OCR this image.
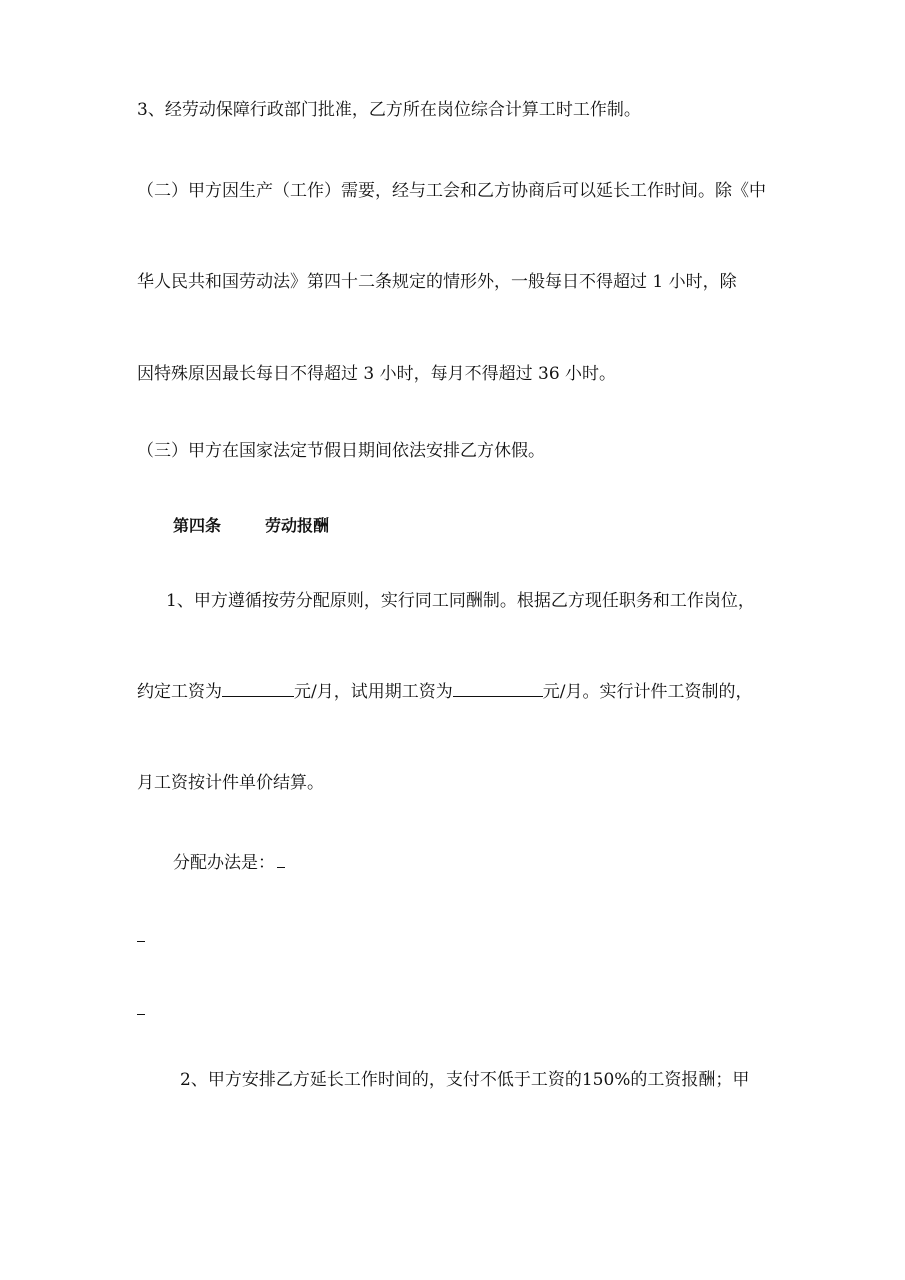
3、经劳动保障行政部门批准，乙方所在岗位综合计算工时工作制。
（二）甲方因生产（工作）需要，经与工会和乙方协商后可以延长工作时间。除《中
华人民共和国劳动法》第四十二条规定的情形外，一般每日不得超过 1 小时，除
因特殊原因最长每日不得超过 3 小时，每月不得超过 36 小时。
（三）甲方在国家法定节假日期间依法安排乙方休假。
第四条	劳动报酬
1、甲方遵循按劳分配原则，实行同工同酬制。根据乙方现任职务和工作岗位，
约定工资为	元/月，试用期工资为	元/月。实行计件工资制的，
月工资按计件单价结算。
分配办法是：
2、甲方安排乙方延长工作时间的，支付不低于工资的150%的工资报酬；甲
